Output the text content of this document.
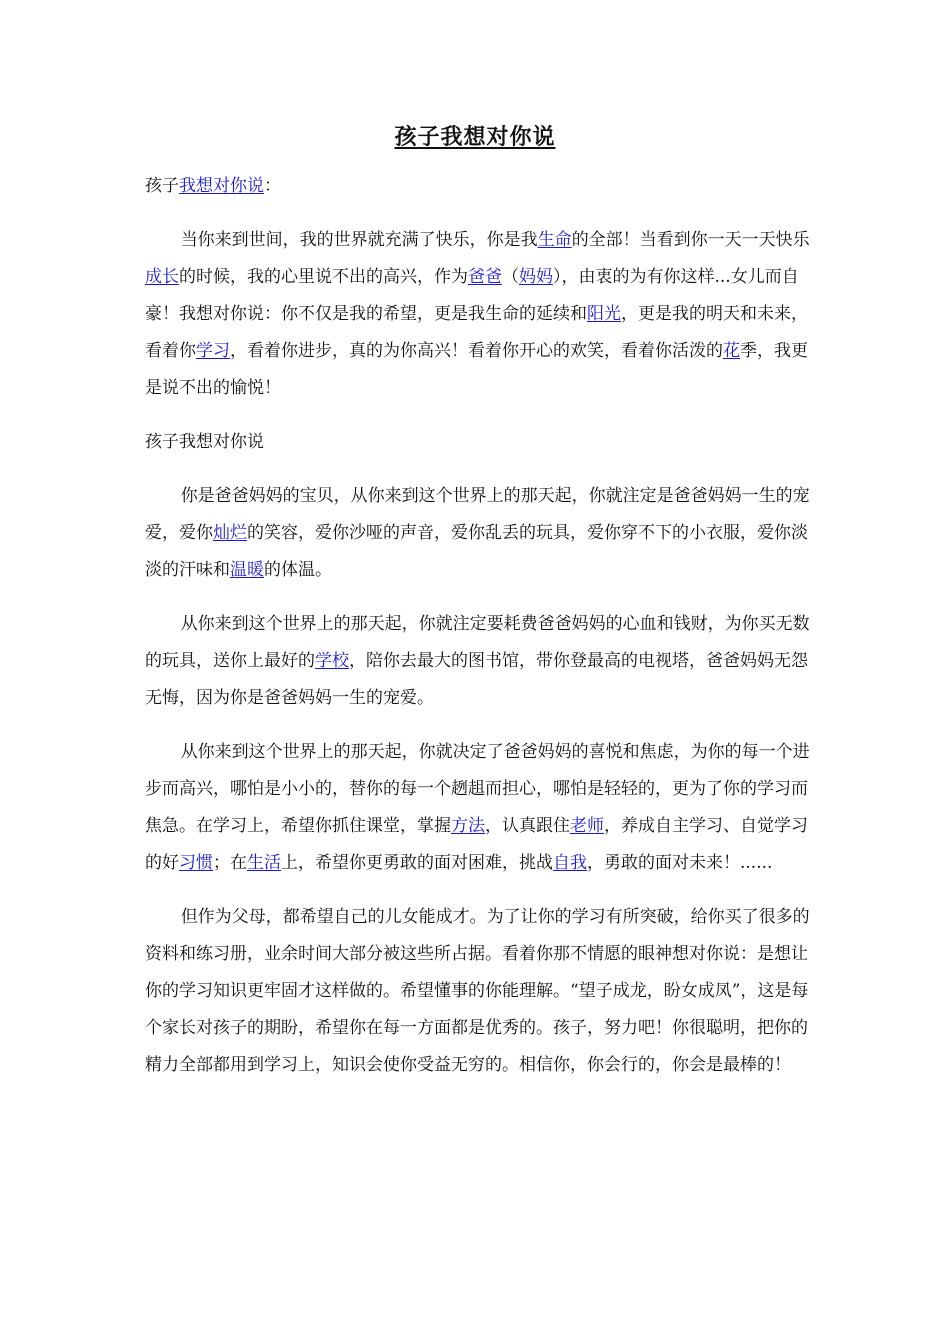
孩子我想对你说

孩子我想对你说：

当你来到世间，我的世界就充满了快乐，你是我生命的全部！当看到你一天一天快乐成长的时候，我的心里说不出的高兴，作为爸爸（妈妈），由衷的为有你这样...女儿而自豪！我想对你说：你不仅是我的希望，更是我生命的延续和阳光，更是我的明天和未来，看着你学习，看着你进步，真的为你高兴！看着你开心的欢笑，看着你活泼的花季，我更是说不出的愉悦！

孩子我想对你说

你是爸爸妈妈的宝贝，从你来到这个世界上的那天起，你就注定是爸爸妈妈一生的宠爱，爱你灿烂的笑容，爱你沙哑的声音，爱你乱丢的玩具，爱你穿不下的小衣服，爱你淡淡的汗味和温暖的体温。

从你来到这个世界上的那天起，你就注定要耗费爸爸妈妈的心血和钱财，为你买无数的玩具，送你上最好的学校，陪你去最大的图书馆，带你登最高的电视塔，爸爸妈妈无怨无悔，因为你是爸爸妈妈一生的宠爱。

从你来到这个世界上的那天起，你就决定了爸爸妈妈的喜悦和焦虑，为你的每一个进步而高兴，哪怕是小小的，替你的每一个趔趄而担心，哪怕是轻轻的，更为了你的学习而焦急。在学习上，希望你抓住课堂，掌握方法，认真跟住老师，养成自主学习、自觉学习的好习惯；在生活上，希望你更勇敢的面对困难，挑战自我，勇敢的面对未来！......

但作为父母，都希望自己的儿女能成才。为了让你的学习有所突破，给你买了很多的资料和练习册，业余时间大部分被这些所占据。看着你那不情愿的眼神想对你说：是想让你的学习知识更牢固才这样做的。希望懂事的你能理解。“望子成龙，盼女成凤”，这是每个家长对孩子的期盼，希望你在每一方面都是优秀的。孩子，努力吧！你很聪明，把你的精力全部都用到学习上，知识会使你受益无穷的。相信你，你会行的，你会是最棒的！
